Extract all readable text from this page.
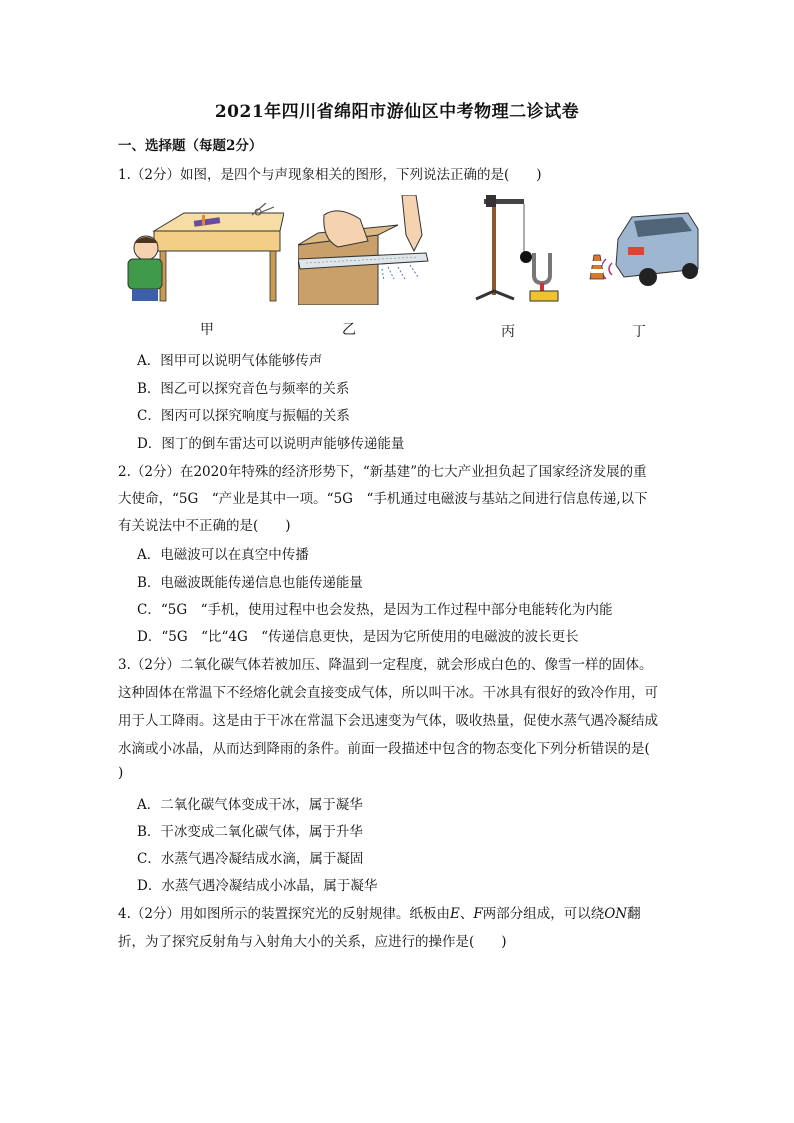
2021年四川省绵阳市游仙区中考物理二诊试卷
一、选择题（每题2分）
1.（2分）如图，是四个与声现象相关的图形，下列说法正确的是(　　)
甲	乙	丙	丁
A．图甲可以说明气体能够传声
B．图乙可以探究音色与频率的关系
C．图丙可以探究响度与振幅的关系
D．图丁的倒车雷达可以说明声能够传递能量
2.（2分）在2020年特殊的经济形势下，“新基建”的七大产业担负起了国家经济发展的重
大使命，“5G　“产业是其中一项。“5G　“手机通过电磁波与基站之间进行信息传递,以下
有关说法中不正确的是(　　)
A．电磁波可以在真空中传播
B．电磁波既能传递信息也能传递能量
C．“5G　“手机，使用过程中也会发热，是因为工作过程中部分电能转化为内能
D．“5G　“比“4G　“传递信息更快，是因为它所使用的电磁波的波长更长
3.（2分）二氧化碳气体若被加压、降温到一定程度，就会形成白色的、像雪一样的固体。
这种固体在常温下不经熔化就会直接变成气体，所以叫干冰。干冰具有很好的致冷作用，可
用于人工降雨。这是由于干冰在常温下会迅速变为气体，吸收热量，促使水蒸气遇冷凝结成
水滴或小冰晶，从而达到降雨的条件。前面一段描述中包含的物态变化下列分析错误的是(
)
A．二氧化碳气体变成干冰，属于凝华
B．干冰变成二氧化碳气体，属于升华
C．水蒸气遇冷凝结成水滴，属于凝固
D．水蒸气遇冷凝结成小冰晶，属于凝华
4.（2分）用如图所示的装置探究光的反射规律。纸板由E、F两部分组成，可以绕ON翻
折，为了探究反射角与入射角大小的关系，应进行的操作是(　　)
